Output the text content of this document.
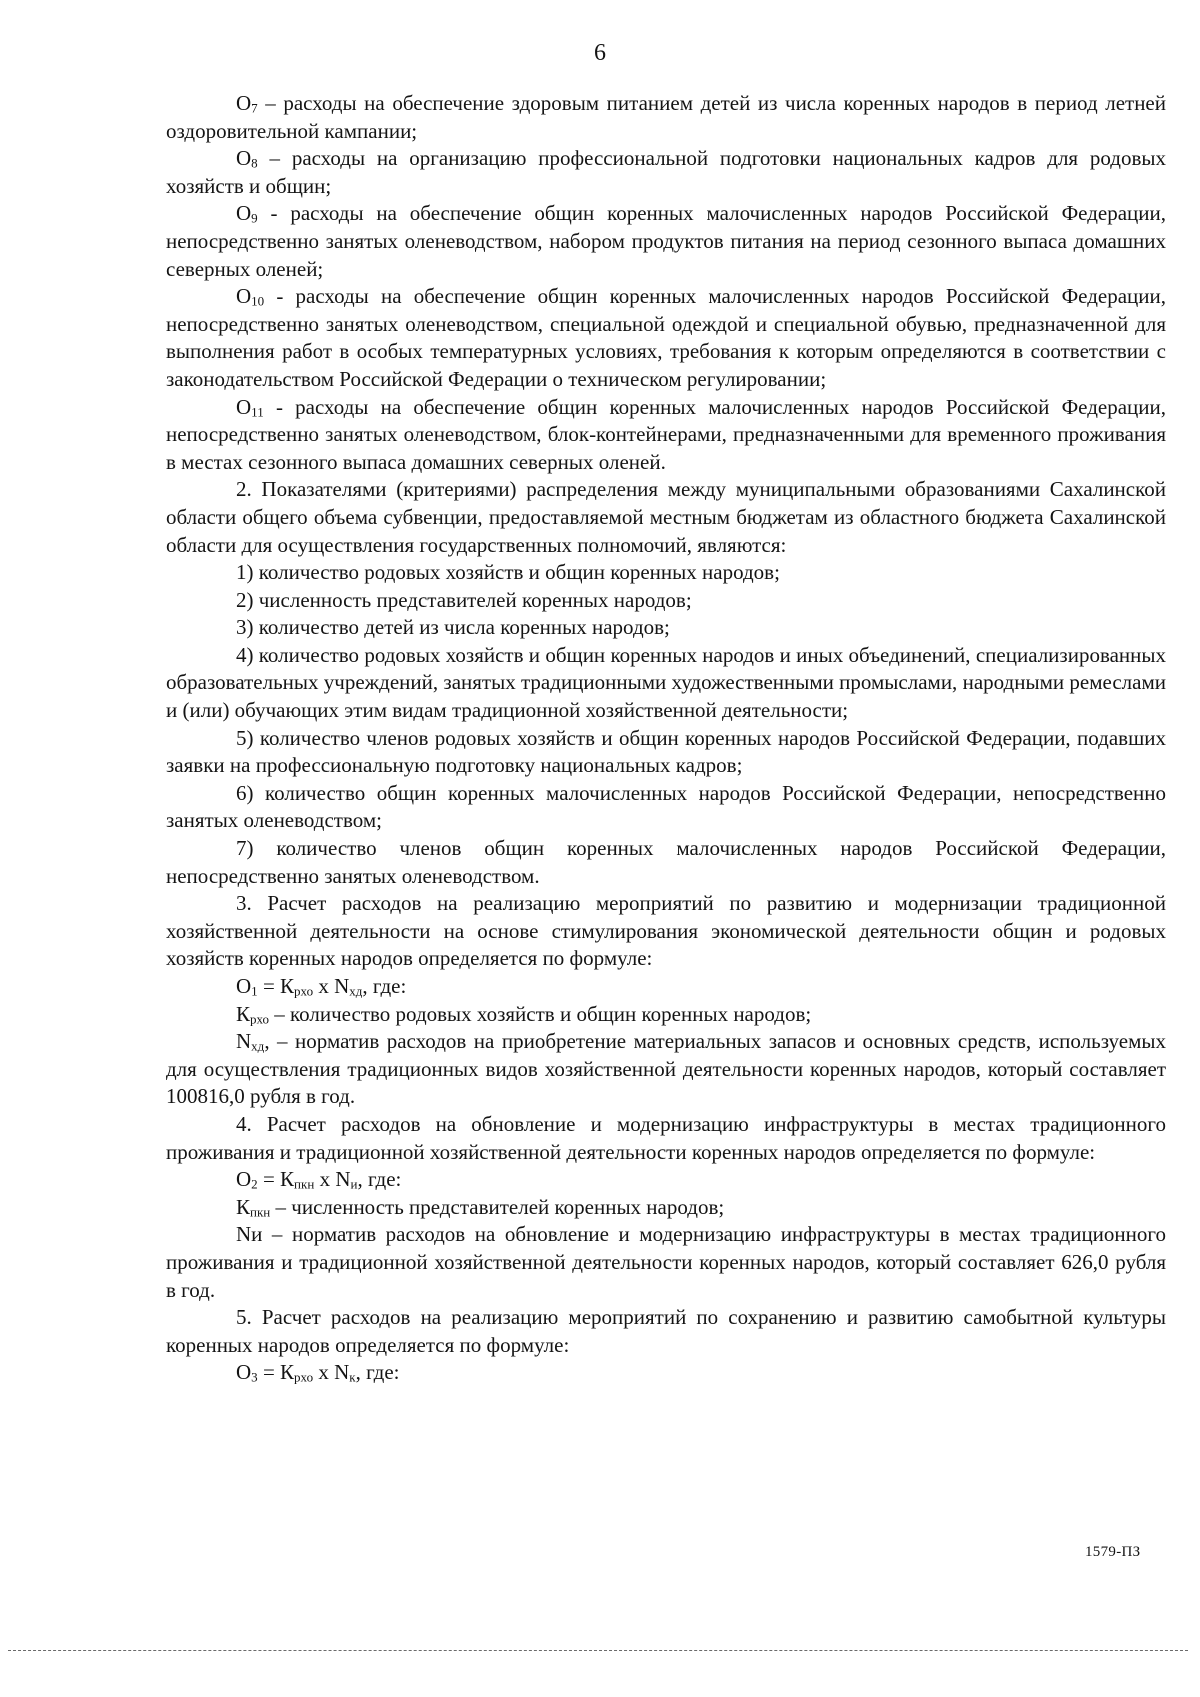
6

$О_7$ – расходы на обеспечение здоровым питанием детей из числа коренных народов в период летней оздоровительной кампании;

$О_8$ – расходы на организацию профессиональной подготовки национальных кадров для родовых хозяйств и общин;

$О_9$ - расходы на обеспечение общин коренных малочисленных народов Российской Федерации, непосредственно занятых оленеводством, набором продуктов питания на период сезонного выпаса домашних северных оленей;

$О_{10}$ - расходы на обеспечение общин коренных малочисленных народов Российской Федерации, непосредственно занятых оленеводством, специальной одеждой и специальной обувью, предназначенной для выполнения работ в особых температурных условиях, требования к которым определяются в соответствии с законодательством Российской Федерации о техническом регулировании;

$О_{11}$ - расходы на обеспечение общин коренных малочисленных народов Российской Федерации, непосредственно занятых оленеводством, блок-контейнерами, предназначенными для временного проживания в местах сезонного выпаса домашних северных оленей.

2. Показателями (критериями) распределения между муниципальными образованиями Сахалинской области общего объема субвенции, предоставляемой местным бюджетам из областного бюджета Сахалинской области для осуществления государственных полномочий, являются:

1) количество родовых хозяйств и общин коренных народов;

2) численность представителей коренных народов;

3) количество детей из числа коренных народов;

4) количество родовых хозяйств и общин коренных народов и иных объединений, специализированных образовательных учреждений, занятых традиционными художественными промыслами, народными ремеслами и (или) обучающих этим видам традиционной хозяйственной деятельности;

5) количество членов родовых хозяйств и общин коренных народов Российской Федерации, подавших заявки на профессиональную подготовку национальных кадров;

6) количество общин коренных малочисленных народов Российской Федерации, непосредственно занятых оленеводством;

7) количество членов общин коренных малочисленных народов Российской Федерации, непосредственно занятых оленеводством.

3. Расчет расходов на реализацию мероприятий по развитию и модернизации традиционной хозяйственной деятельности на основе стимулирования экономической деятельности общин и родовых хозяйств коренных народов определяется по формуле:

$О_1 = К_{рхо}$ x $N_{хд}$, где:

$К_{рхо}$ – количество родовых хозяйств и общин коренных народов;

$N_{хд}$, – норматив расходов на приобретение материальных запасов и основных средств, используемых для осуществления традиционных видов хозяйственной деятельности коренных народов, который составляет 100816,0 рубля в год.

4. Расчет расходов на обновление и модернизацию инфраструктуры в местах традиционного проживания и традиционной хозяйственной деятельности коренных народов определяется по формуле:

$О_2 = К_{пкн}$ x $N_и$, где:

$К_{пкн}$ – численность представителей коренных народов;

Nи – норматив расходов на обновление и модернизацию инфраструктуры в местах традиционного проживания и традиционной хозяйственной деятельности коренных народов, который составляет 626,0 рубля в год.

5. Расчет расходов на реализацию мероприятий по сохранению и развитию самобытной культуры коренных народов определяется по формуле:

$О_3 = К_{рхо}$ x $N_к$, где:

1579-ПЗ
